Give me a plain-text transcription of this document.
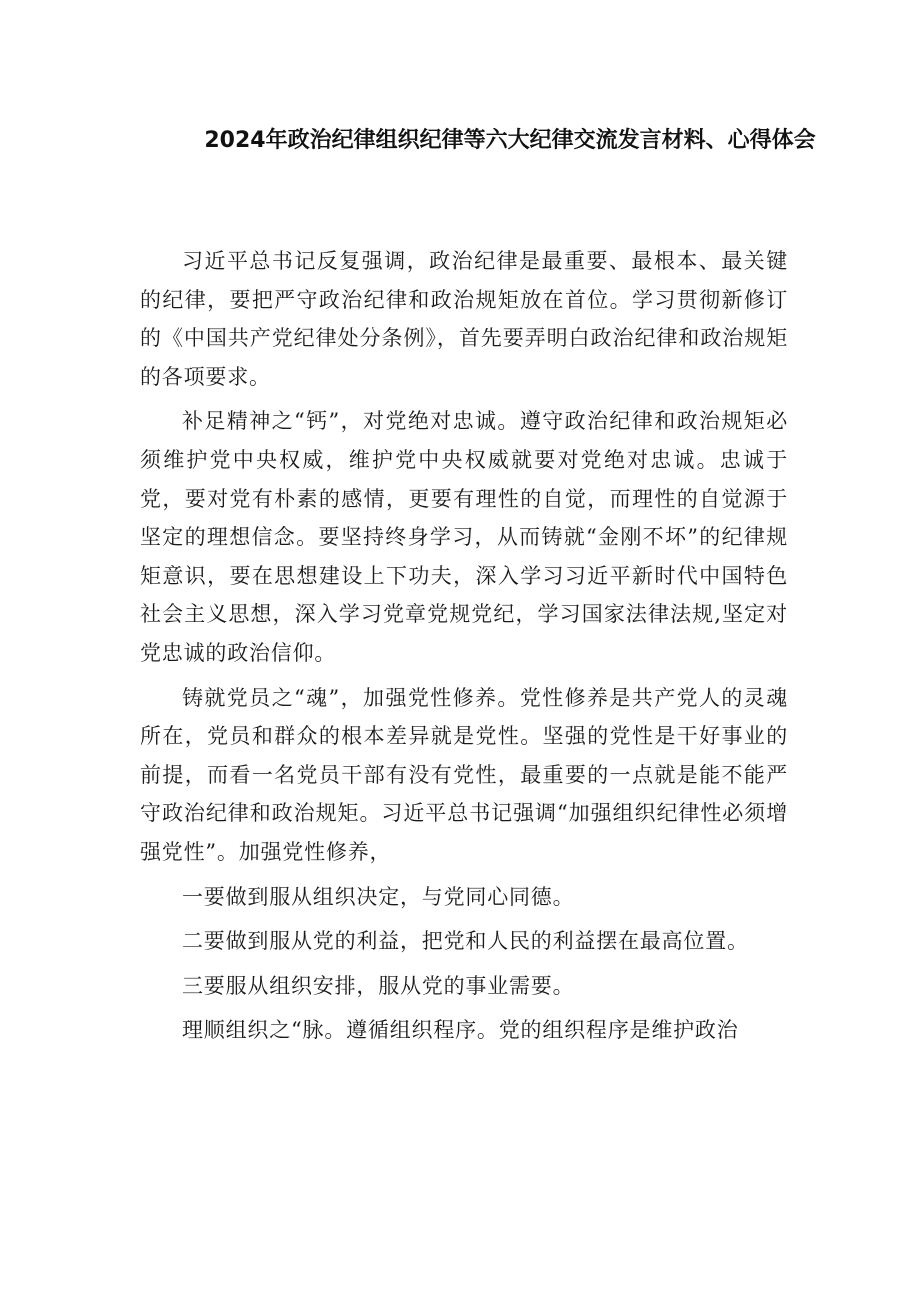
2024年政治纪律组织纪律等六大纪律交流发言材料、心得体会

习近平总书记反复强调，政治纪律是最重要、最根本、最关键的纪律，要把严守政治纪律和政治规矩放在首位。学习贯彻新修订的《中国共产党纪律处分条例》，首先要弄明白政治纪律和政治规矩的各项要求。

补足精神之“钙”，对党绝对忠诚。遵守政治纪律和政治规矩必须维护党中央权威，维护党中央权威就要对党绝对忠诚。忠诚于党，要对党有朴素的感情，更要有理性的自觉，而理性的自觉源于坚定的理想信念。要坚持终身学习，从而铸就“金刚不坏”的纪律规矩意识，要在思想建设上下功夫，深入学习习近平新时代中国特色社会主义思想，深入学习党章党规党纪，学习国家法律法规,坚定对党忠诚的政治信仰。

铸就党员之“魂”，加强党性修养。党性修养是共产党人的灵魂所在，党员和群众的根本差异就是党性。坚强的党性是干好事业的前提，而看一名党员干部有没有党性，最重要的一点就是能不能严守政治纪律和政治规矩。习近平总书记强调“加强组织纪律性必须增强党性”。加强党性修养，

一要做到服从组织决定，与党同心同德。

二要做到服从党的利益，把党和人民的利益摆在最高位置。

三要服从组织安排，服从党的事业需要。

理顺组织之“脉。遵循组织程序。党的组织程序是维护政治
